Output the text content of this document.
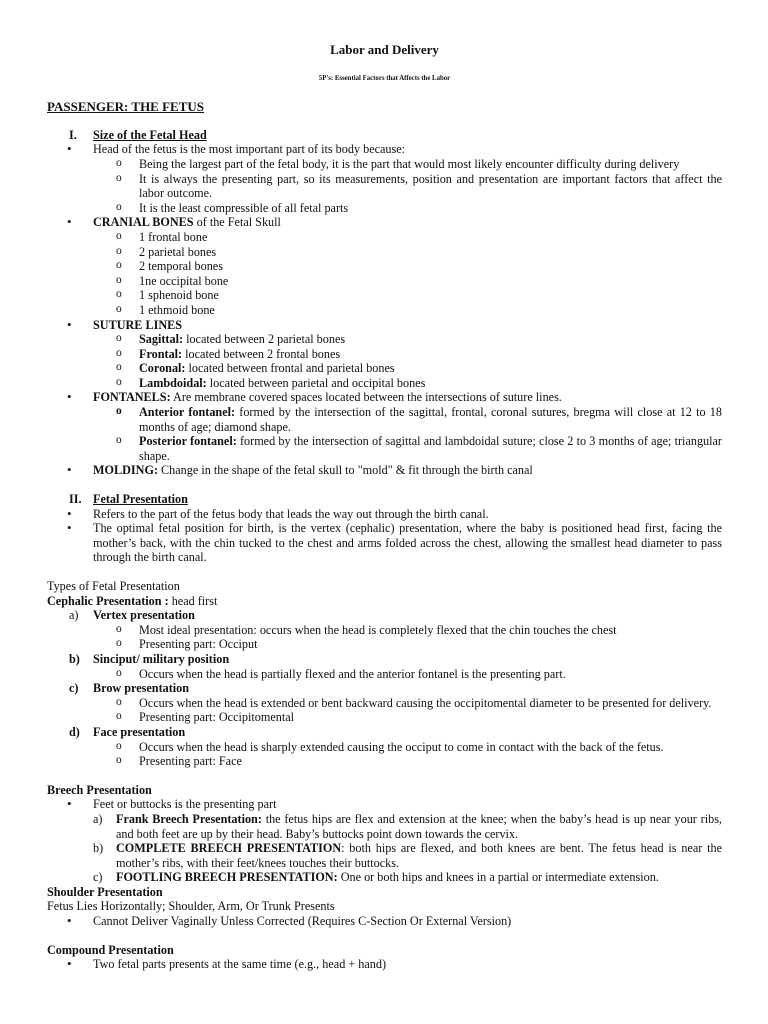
Labor and Delivery

5P's: Essential Factors that Affects the Labor

PASSENGER: THE FETUS

I.	Size of the Fetal Head
• Head of the fetus is the most important part of its body because:
o Being the largest part of the fetal body, it is the part that would most likely encounter difficulty during delivery
o It is always the presenting part, so its measurements, position and presentation are important factors that affect the labor outcome.
o It is the least compressible of all fetal parts
• CRANIAL BONES of the Fetal Skull
o 1 frontal bone
o 2 parietal bones
o 2 temporal bones
o 1ne occipital bone
o 1 sphenoid bone
o 1 ethmoid bone
• SUTURE LINES
o Sagittal: located between 2 parietal bones
o Frontal: located between 2 frontal bones
o Coronal: located between frontal and parietal bones
o Lambdoidal: located between parietal and occipital bones
• FONTANELS: Are membrane covered spaces located between the intersections of suture lines.
o Anterior fontanel: formed by the intersection of the sagittal, frontal, coronal sutures, bregma will close at 12 to 18 months of age; diamond shape.
o Posterior fontanel: formed by the intersection of sagittal and lambdoidal suture; close 2 to 3 months of age; triangular shape.
• MOLDING: Change in the shape of the fetal skull to "mold" & fit through the birth canal
II. Fetal Presentation
• Refers to the part of the fetus body that leads the way out through the birth canal.
• The optimal fetal position for birth, is the vertex (cephalic) presentation, where the baby is positioned head first, facing the mother’s back, with the chin tucked to the chest and arms folded across the chest, allowing the smallest head diameter to pass through the birth canal.

Types of Fetal Presentation

Cephalic Presentation : head first

a) Vertex presentation
o Most ideal presentation: occurs when the head is completely flexed that the chin touches the chest
o Presenting part: Occiput
b) Sinciput/ military position
o Occurs when the head is partially flexed and the anterior fontanel is the presenting part.
c) Brow presentation
o Occurs when the head is extended or bent backward causing the occipitomental diameter to be presented for delivery.
o Presenting part: Occipitomental
d) Face presentation
o Occurs when the head is sharply extended causing the occiput to come in contact with the back of the fetus.
o Presenting part: Face

Breech Presentation

• Feet or buttocks is the presenting part
a) Frank Breech Presentation: the fetus hips are flex and extension at the knee; when the baby’s head is up near your ribs, and both feet are up by their head. Baby’s buttocks point down towards the cervix.
b) COMPLETE BREECH PRESENTATION: both hips are flexed, and both knees are bent. The fetus head is near the mother’s ribs, with their feet/knees touches their buttocks.
c) FOOTLING BREECH PRESENTATION: One or both hips and knees in a partial or intermediate extension.

Shoulder Presentation

Fetus Lies Horizontally; Shoulder, Arm, Or Trunk Presents

• Cannot Deliver Vaginally Unless Corrected (Requires C-Section Or External Version)

Compound Presentation

• Two fetal parts presents at the same time (e.g., head + hand)
